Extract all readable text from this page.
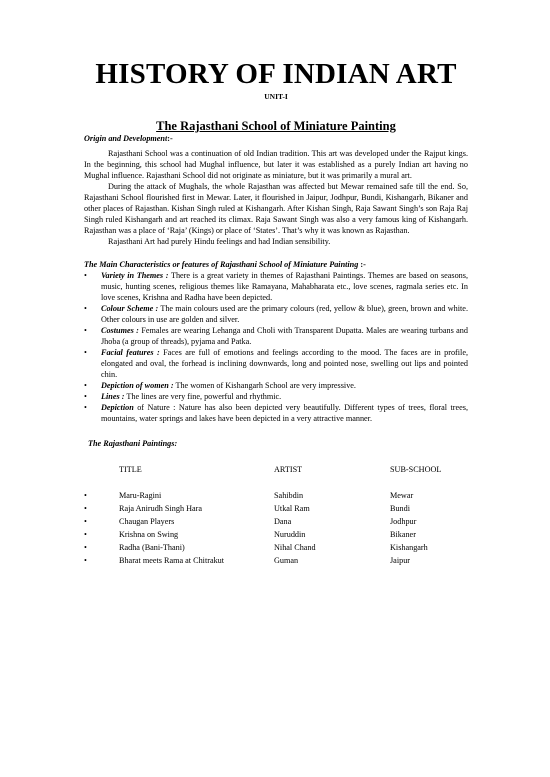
HISTORY OF INDIAN ART
UNIT-I
The Rajasthani School of Miniature Painting
Origin and Development:-

Rajasthani School was a continuation of old Indian tradition. This art was developed under the Rajput kings. In the beginning, this school had Mughal influence, but later it was established as a purely Indian art having no Mughal influence. Rajasthani School did not originate as miniature, but it was primarily a mural art.

During the attack of Mughals, the whole Rajasthan was affected but Mewar remained safe till the end. So, Rajasthani School flourished first in Mewar. Later, it flourished in Jaipur, Jodhpur, Bundi, Kishangarh, Bikaner and other places of Rajasthan. Kishan Singh ruled at Kishangarh. After Kishan Singh, Raja Sawant Singh’s son Raja Raj Singh ruled Kishangarh and art reached its climax. Raja Sawant Singh was also a very famous king of Kishangarh. Rajasthan was a place of ‘Raja’ (Kings) or place of ‘States’. That’s why it was known as Rajasthan.

Rajasthani Art had purely Hindu feelings and had Indian sensibility.

The Main Characteristics or features of Rajasthani School of Miniature Painting :-
• Variety in Themes : There is a great variety in themes of Rajasthani Paintings. Themes are based on seasons, music, hunting scenes, religious themes like Ramayana, Mahabharata etc., love scenes, ragmala series etc. In love scenes, Krishna and Radha have been depicted.
• Colour Scheme : The main colours used are the primary colours (red, yellow & blue), green, brown and white. Other colours in use are golden and silver.
• Costumes : Females are wearing Lehanga and Choli with Transparent Dupatta. Males are wearing turbans and Jhoba (a group of threads), pyjama and Patka.
• Facial features : Faces are full of emotions and feelings according to the mood. The faces are in profile, elongated and oval, the forhead is inclining downwards, long and pointed nose, swelling out lips and pointed chin.
• Depiction of women : The women of Kishangarh School are very impressive.
• Lines : The lines are very fine, powerful and rhythmic.
• Depiction of Nature : Nature has also been depicted very beautifully. Different types of trees, floral trees, mountains, water springs and lakes have been depicted in a very attractive manner.
The Rajasthani Paintings:
TITLE	ARTIST	SUB-SCHOOL
•	Maru-Ragini	Sahibdin	Mewar
•	Raja Anirudh Singh Hara	Utkal Ram	Bundi
•	Chaugan Players	Dana	Jodhpur
•	Krishna on Swing	Nuruddin	Bikaner
•	Radha (Bani-Thani)	Nihal Chand	Kishangarh
•	Bharat meets Rama at Chitrakut	Guman	Jaipur
